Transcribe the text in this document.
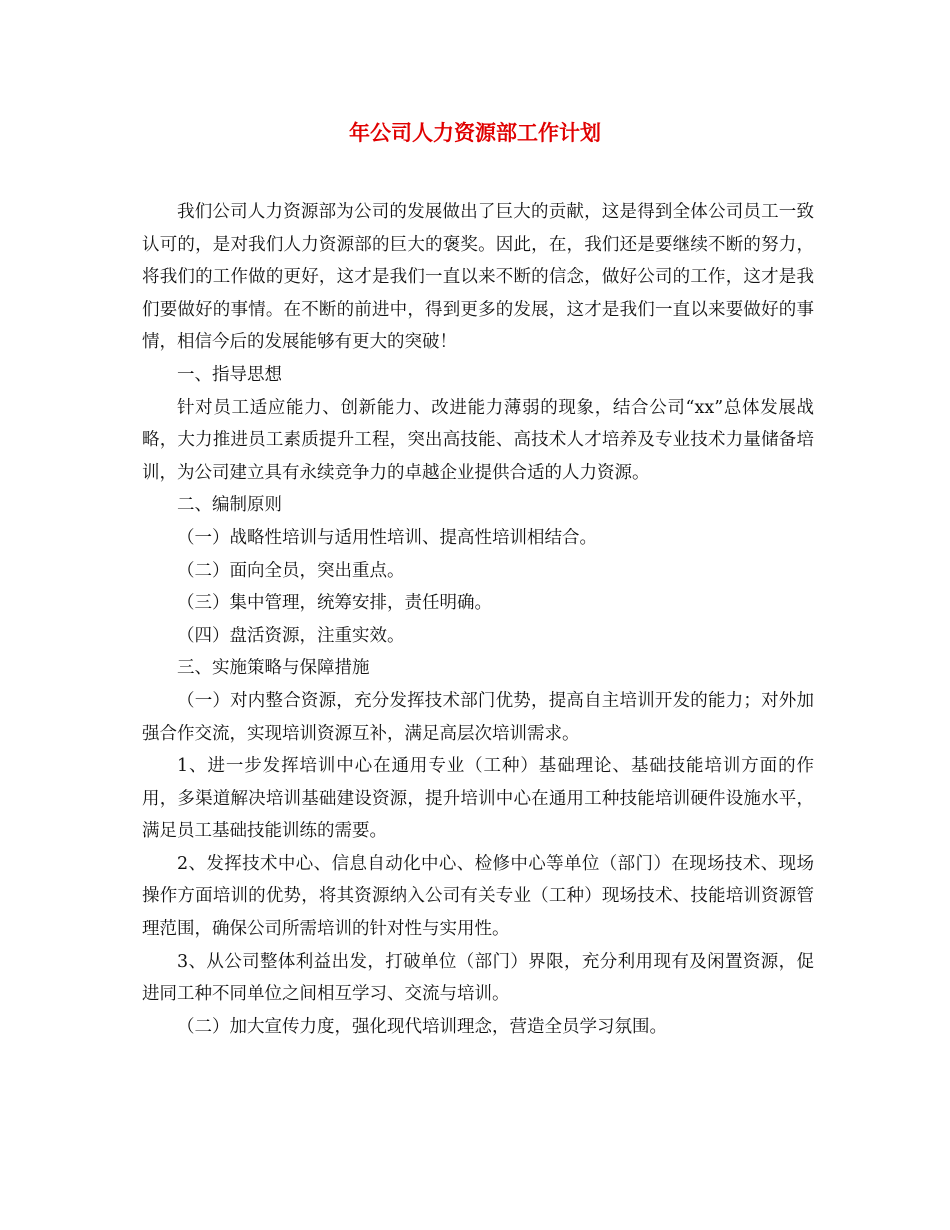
年公司人力资源部工作计划

我们公司人力资源部为公司的发展做出了巨大的贡献，这是得到全体公司员工一致认可的，是对我们人力资源部的巨大的褒奖。因此，在，我们还是要继续不断的努力，将我们的工作做的更好，这才是我们一直以来不断的信念，做好公司的工作，这才是我们要做好的事情。在不断的前进中，得到更多的发展，这才是我们一直以来要做好的事情，相信今后的发展能够有更大的突破！

一、指导思想

针对员工适应能力、创新能力、改进能力薄弱的现象，结合公司“xx”总体发展战略，大力推进员工素质提升工程，突出高技能、高技术人才培养及专业技术力量储备培训，为公司建立具有永续竞争力的卓越企业提供合适的人力资源。

二、编制原则

（一）战略性培训与适用性培训、提高性培训相结合。

（二）面向全员，突出重点。

（三）集中管理，统筹安排，责任明确。

（四）盘活资源，注重实效。

三、实施策略与保障措施

（一）对内整合资源，充分发挥技术部门优势，提高自主培训开发的能力；对外加强合作交流，实现培训资源互补，满足高层次培训需求。

1、进一步发挥培训中心在通用专业（工种）基础理论、基础技能培训方面的作用，多渠道解决培训基础建设资源，提升培训中心在通用工种技能培训硬件设施水平，满足员工基础技能训练的需要。

2、发挥技术中心、信息自动化中心、检修中心等单位（部门）在现场技术、现场操作方面培训的优势，将其资源纳入公司有关专业（工种）现场技术、技能培训资源管理范围，确保公司所需培训的针对性与实用性。

3、从公司整体利益出发，打破单位（部门）界限，充分利用现有及闲置资源，促进同工种不同单位之间相互学习、交流与培训。

（二）加大宣传力度，强化现代培训理念，营造全员学习氛围。
